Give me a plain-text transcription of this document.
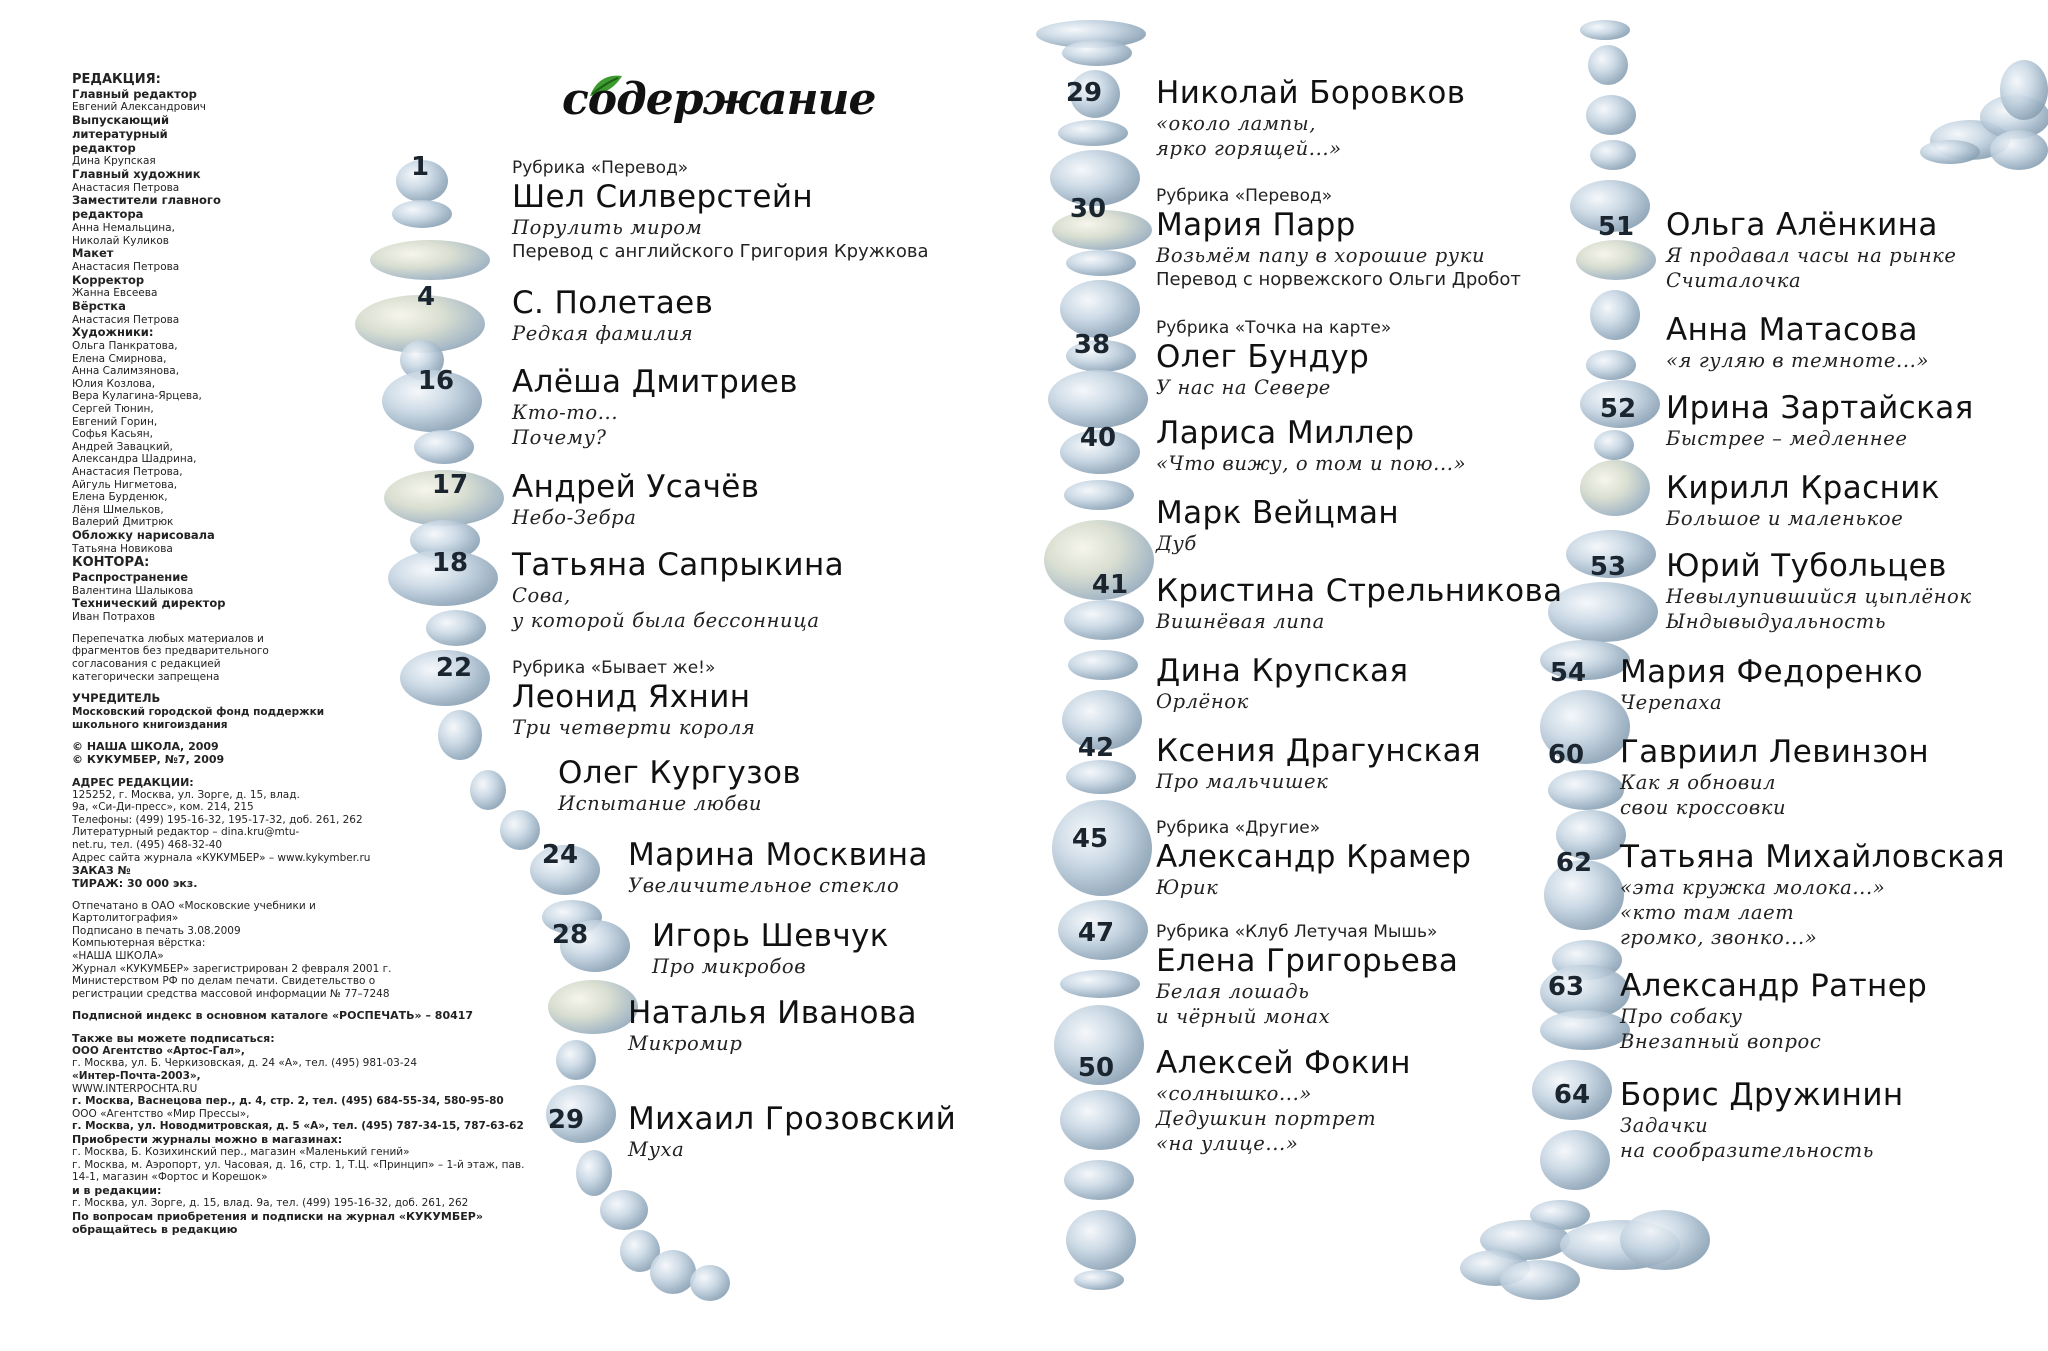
РЕДАКЦИЯ:
Главный редактор
Евгений Александрович
Выпускающий литературный редактор
Дина Крупская
Главный художник
Анастасия Петрова
Заместители главного редактора
Анна Немальцина,
Николай Куликов
Макет
Анастасия Петрова
Корректор
Жанна Евсеева
Вёрстка
Анастасия Петрова
Художники:
Ольга Панкратова,
Елена Смирнова,
Анна Салимзянова,
Юлия Козлова,
Вера Кулагина-Ярцева,
Сергей Тюнин,
Евгений Горин,
Софья Касьян,
Андрей Завацкий,
Александра Шадрина,
Анастасия Петрова,
Айгуль Нигметова,
Елена Бурденюк,
Лёня Шмельков,
Валерий Дмитрюк
Обложку нарисовала
Татьяна Новикова
КОНТОРА:
Распространение
Валентина Шалыкова
Технический директор
Иван Потрахов
Перепечатка любых материалов и фрагментов без предварительного согласования с редакцией категорически запрещена
УЧРЕДИТЕЛЬ
Московский городской фонд поддержки школьного книгоиздания
© НАША ШКОЛА, 2009
© КУКУМБЕР, №7, 2009
АДРЕС РЕДАКЦИИ:
125252, г. Москва, ул. Зорге, д. 15, влад. 9а, «Си-Ди-пресс», ком. 214, 215
Телефоны: (499) 195-16-32, 195-17-32, доб. 261, 262
Литературный редактор – dina.kru@mtu-net.ru, тел. (495) 468-32-40
Адрес сайта журнала «КУКУМБЕР» – www.kykymber.ru
ЗАКАЗ №
ТИРАЖ: 30 000 экз.
Отпечатано в ОАО «Московские учебники и Картолитография»
Подписано в печать 3.08.2009
Компьютерная вёрстка: «НАША ШКОЛА»
Журнал «КУКУМБЕР» зарегистрирован 2 февраля 2001 г. Министерством РФ по делам печати. Свидетельство о регистрации средства массовой информации № 77–7248
Подписной индекс в основном каталоге «РОСПЕЧАТЬ» – 80417
Также вы можете подписаться:
ООО Агентство «Артос-Гал»,
г. Москва, ул. Б. Черкизовская, д. 24 «А», тел. (495) 981-03-24
«Интер-Почта-2003»,
WWW.INTERPOCHTA.RU
г. Москва, Васнецова пер., д. 4, стр. 2, тел. (495) 684-55-34, 580-95-80
ООО «Агентство «Мир Прессы»,
г. Москва, ул. Новодмитровская, д. 5 «А», тел. (495) 787-34-15, 787-63-62
Приобрести журналы можно в магазинах:
г. Москва, Б. Козихинский пер., магазин «Маленький гений»
г. Москва, м. Аэропорт, ул. Часовая, д. 16, стр. 1, Т.Ц. «Принцип» – 1-й этаж, пав. 14-1, магазин «Фортос и Корешок»
и в редакции:
г. Москва, ул. Зорге, д. 15, влад. 9а, тел. (499) 195-16-32, доб. 261, 262
По вопросам приобретения и подписки на журнал «КУКУМБЕР» обращайтесь в редакцию
содержание
Рубрика «Перевод»
Шел Силверстейн
Порулить миром
Перевод с английского Григория Кружкова
1
С. Полетаев
Редкая фамилия
4
Алёша Дмитриев
Кто-то...
Почему?
16
Андрей Усачёв
Небо-Зебра
17
Татьяна Сапрыкина
Сова,
у которой была бессонница
18
Рубрика «Бывает же!»
Леонид Яхнин
Три четверти короля
22
Олег Кургузов
Испытание любви
Марина Москвина
Увеличительное стекло
24
Игорь Шевчук
Про микробов
28
Наталья Иванова
Микромир
Михаил Грозовский
Муха
29
Николай Боровков
«около лампы,
ярко горящей...»
29
Рубрика «Перевод»
Мария Парр
Возьмём папу в хорошие руки
Перевод с норвежского Ольги Дробот
30
Рубрика «Точка на карте»
Олег Бундур
У нас на Севере
38
Лариса Миллер
«Что вижу, о том и пою...»
40
Марк Вейцман
Дуб
Кристина Стрельникова
Вишнёвая липа
41
Дина Крупская
Орлёнок
Ксения Драгунская
Про мальчишек
42
Рубрика «Другие»
Александр Крамер
Юрик
45
Рубрика «Клуб Летучая Мышь»
Елена Григорьева
Белая лошадь
и чёрный монах
47
Алексей Фокин
«солнышко...»
Дедушкин портрет
«на улице...»
50
Ольга Алёнкина
Я продавал часы на рынке
Считалочка
51
Анна Матасова
«я гуляю в темноте...»
Ирина Зартайская
Быстрее – медленнее
52
Кирилл Красник
Большое и маленькое
Юрий Тубольцев
Невылупившийся цыплёнок
Ындывыдуальность
53
Мария Федоренко
Черепаха
54
Гавриил Левинзон
Как я обновил
свои кроссовки
60
Татьяна Михайловская
«эта кружка молока...»
«кто там лает
громко, звонко...»
62
Александр Ратнер
Про собаку
Внезапный вопрос
63
Борис Дружинин
Задачки
на сообразительность
64
